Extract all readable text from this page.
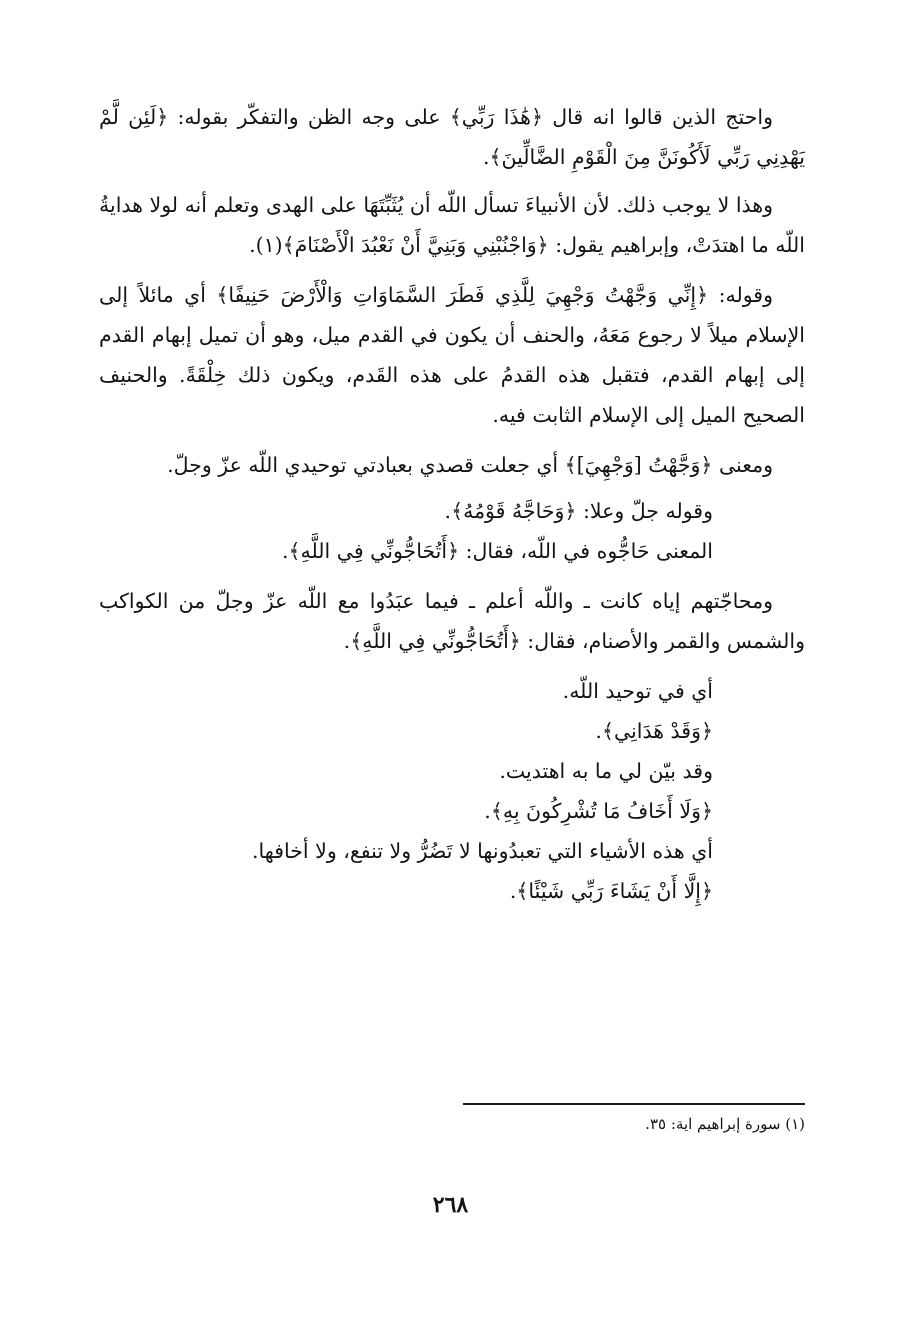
واحتج الذين قالوا انه قال ﴿هَٰذَا رَبِّي﴾ على وجه الظن والتفكّر بقوله: ﴿لَئِن لَّمْ يَهْدِنِي رَبِّي لَأَكُونَنَّ مِنَ الْقَوْمِ الضَّالِّينَ﴾.

وهذا لا يوجب ذلك. لأن الأنبياءَ تسأل اللّه أن يُثَبِّتَهَا على الهدى وتعلم أنه لولا هدايةُ اللّه ما اهتدَتْ، وإبراهيم يقول: ﴿وَاجْنُبْنِي وَبَنِيَّ أَنْ نَعْبُدَ الْأَصْنَامَ﴾(١).

وقوله: ﴿إِنِّي وَجَّهْتُ وَجْهِيَ لِلَّذِي فَطَرَ السَّمَاوَاتِ وَالْأَرْضَ حَنِيفًا﴾ أي مائلاً إلى الإسلام ميلاً لا رجوع مَعَهُ، والحنف أن يكون في القدم ميل، وهو أن تميل إبهام القدم إلى إبهام القدم، فتقبل هذه القدمُ على هذه القَدم، ويكون ذلك خِلْقَةً. والحنيف الصحيح الميل إلى الإسلام الثابت فيه.

ومعنى ﴿وَجَّهْتُ [وَجْهِيَ]﴾ أي جعلت قصدي بعبادتي توحيدي اللّه عزّ وجلّ.

وقوله جلّ وعلا: ﴿وَحَاجَّهُ قَوْمُهُ﴾.

المعنى حَاجُّوه في اللّه، فقال: ﴿أَتُحَاجُّونِّي فِي اللَّهِ﴾.

ومحاجّتهم إياه كانت ـ واللّه أعلم ـ فيما عبَدُوا مع اللّه عزّ وجلّ من الكواكب والشمس والقمر والأصنام، فقال: ﴿أَتُحَاجُّونِّي فِي اللَّهِ﴾.

أي في توحيد اللّه.

﴿وَقَدْ هَدَانِي﴾.

وقد بيّن لي ما به اهتديت.

﴿وَلَا أَخَافُ مَا تُشْرِكُونَ بِهِ﴾.

أي هذه الأشياء التي تعبدُونها لا تَضُرُّ ولا تنفع، ولا أخافها.

﴿إِلَّا أَنْ يَشَاءَ رَبِّي شَيْئًا﴾.

(١) سورة إبراهيم اية: ٣٥.
٢٦٨
